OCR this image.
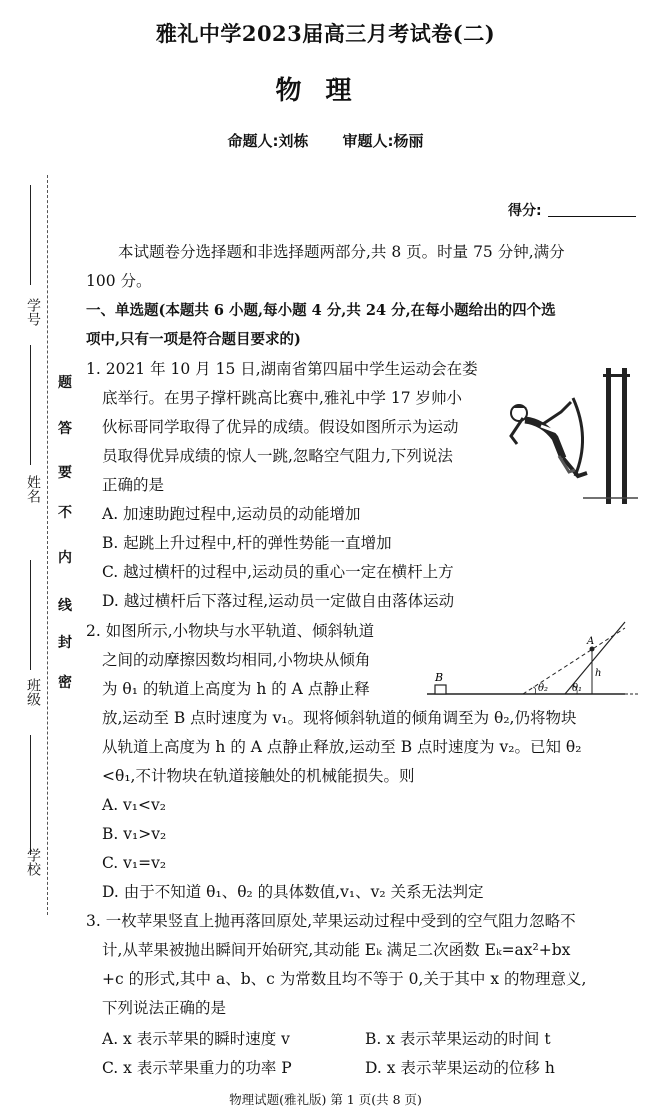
雅礼中学2023届高三月考试卷(二)
物理
命题人:刘栋 审题人:杨丽
得分:
学号
姓名
班级
学校
题
答
要
不
内
线
封
密
本试题卷分选择题和非选择题两部分,共 8 页。时量 75 分钟,满分
100 分。
一、单选题(本题共 6 小题,每小题 4 分,共 24 分,在每小题给出的四个选
项中,只有一项是符合题目要求的)
1. 2021 年 10 月 15 日,湖南省第四届中学生运动会在娄
底举行。在男子撑杆跳高比赛中,雅礼中学 17 岁帅小
伙标哥同学取得了优异的成绩。假设如图所示为运动
员取得优异成绩的惊人一跳,忽略空气阻力,下列说法
正确的是
A. 加速助跑过程中,运动员的动能增加
B. 起跳上升过程中,杆的弹性势能一直增加
C. 越过横杆的过程中,运动员的重心一定在横杆上方
D. 越过横杆后下落过程,运动员一定做自由落体运动
2. 如图所示,小物块与水平轨道、倾斜轨道
之间的动摩擦因数均相同,小物块从倾角
为 θ₁ 的轨道上高度为 h 的 A 点静止释
放,运动至 B 点时速度为 v₁。现将倾斜轨道的倾角调至为 θ₂,仍将物块
从轨道上高度为 h 的 A 点静止释放,运动至 B 点时速度为 v₂。已知 θ₂
<θ₁,不计物块在轨道接触处的机械能损失。则
A. v₁<v₂
B. v₁>v₂
C. v₁=v₂
D. 由于不知道 θ₁、θ₂ 的具体数值,v₁、v₂ 关系无法判定
B
A
h
θ₂ θ₁
3. 一枚苹果竖直上抛再落回原处,苹果运动过程中受到的空气阻力忽略不
计,从苹果被抛出瞬间开始研究,其动能 Eₖ 满足二次函数 Eₖ=ax²+bx
+c 的形式,其中 a、b、c 为常数且均不等于 0,关于其中 x 的物理意义,
下列说法正确的是
A. x 表示苹果的瞬时速度 v	B. x 表示苹果运动的时间 t
C. x 表示苹果重力的功率 P	D. x 表示苹果运动的位移 h
物理试题(雅礼版) 第 1 页(共 8 页)
